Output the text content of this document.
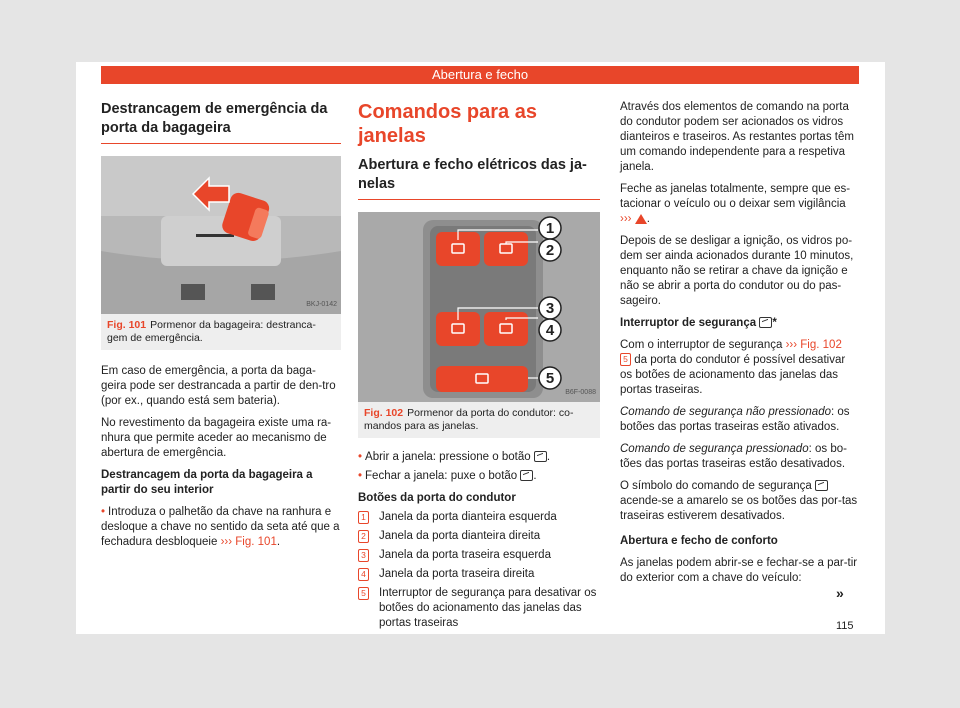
Abertura e fecho
Destrancagem de emergência da porta da bagageira
BKJ-0142
Fig. 101 Pormenor da bagageira: destranca-gem de emergência.

Em caso de emergência, a porta da baga-geira pode ser destrancada a partir de den-tro (por ex., quando está sem bateria).

No revestimento da bagageira existe uma ra-nhura que permite aceder ao mecanismo de abertura de emergência.

Destrancagem da porta da bagageira a partir do seu interior

• Introduza o palhetão da chave na ranhura e desloque a chave no sentido da seta até que a fechadura desbloqueie ››› Fig. 101.

Comandos para as janelas
Abertura e fecho elétricos das ja-nelas
1
2
3
4
5
B6F-0088
Fig. 102 Pormenor da porta do condutor: co-mandos para as janelas.

• Abrir a janela: pressione o botão .

• Fechar a janela: puxe o botão .

Botões da porta do condutor

1 Janela da porta dianteira esquerda
2 Janela da porta dianteira direita
3 Janela da porta traseira esquerda
4 Janela da porta traseira direita
5 Interruptor de segurança para desativar os botões do acionamento das janelas das portas traseiras

Através dos elementos de comando na porta do condutor podem ser acionados os vidros dianteiros e traseiros. As restantes portas têm um comando independente para a respetiva janela.

Feche as janelas totalmente, sempre que es-tacionar o veículo ou o deixar sem vigilância ››› .

Depois de se desligar a ignição, os vidros po-dem ser ainda acionados durante 10 minutos, enquanto não se retirar a chave da ignição e não se abrir a porta do condutor ou do pas-sageiro.

Interruptor de segurança *

Com o interruptor de segurança ››› Fig. 102
5 da porta do condutor é possível desativar os botões de acionamento das janelas das portas traseiras.

Comando de segurança não pressionado: os botões das portas traseiras estão ativados.

Comando de segurança pressionado: os bo-tões das portas traseiras estão desativados.

O símbolo do comando de segurança
acende-se a amarelo se os botões das por-tas traseiras estiverem desativados.

Abertura e fecho de conforto

As janelas podem abrir-se e fechar-se a par-tir do exterior com a chave do veículo:

»
115
